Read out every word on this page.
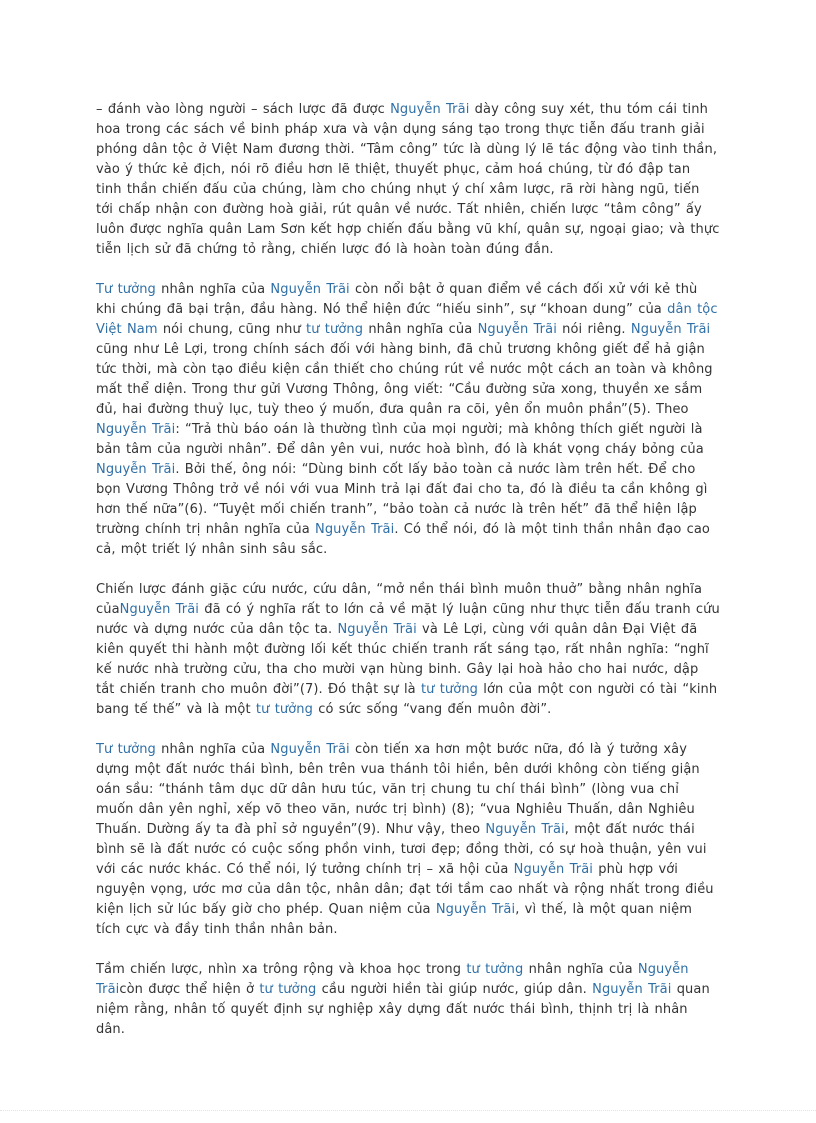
– đánh vào lòng người – sách lược đã được Nguyễn Trãi dày công suy xét, thu tóm cái tinh hoa trong các sách về binh pháp xưa và vận dụng sáng tạo trong thực tiễn đấu tranh giải phóng dân tộc ở Việt Nam đương thời. “Tâm công” tức là dùng lý lẽ tác động vào tinh thần, vào ý thức kẻ địch, nói rõ điều hơn lẽ thiệt, thuyết phục, cảm hoá chúng, từ đó đập tan tinh thần chiến đấu của chúng, làm cho chúng nhụt ý chí xâm lược, rã rời hàng ngũ, tiến tới chấp nhận con đường hoà giải, rút quân về nước. Tất nhiên, chiến lược “tâm công” ấy luôn được nghĩa quân Lam Sơn kết hợp chiến đấu bằng vũ khí, quân sự, ngoại giao; và thực tiễn lịch sử đã chứng tỏ rằng, chiến lược đó là hoàn toàn đúng đắn.

Tư tưởng nhân nghĩa của Nguyễn Trãi còn nổi bật ở quan điểm về cách đối xử với kẻ thù khi chúng đã bại trận, đầu hàng. Nó thể hiện đức “hiếu sinh”, sự “khoan dung” của dân tộc Việt Nam nói chung, cũng như tư tưởng nhân nghĩa của Nguyễn Trãi nói riêng. Nguyễn Trãi cũng như Lê Lợi, trong chính sách đối với hàng binh, đã chủ trương không giết để hả giận tức thời, mà còn tạo điều kiện cần thiết cho chúng rút về nước một cách an toàn và không mất thể diện. Trong thư gửi Vương Thông, ông viết: “Cầu đường sửa xong, thuyền xe sắm đủ, hai đường thuỷ lục, tuỳ theo ý muốn, đưa quân ra cõi, yên ổn muôn phần”(5). Theo Nguyễn Trãi: “Trả thù báo oán là thường tình của mọi người; mà không thích giết người là bản tâm của người nhân”. Để dân yên vui, nước hoà bình, đó là khát vọng cháy bỏng của Nguyễn Trãi. Bởi thế, ông nói: “Dùng binh cốt lấy bảo toàn cả nước làm trên hết. Để cho bọn Vương Thông trở về nói với vua Minh trả lại đất đai cho ta, đó là điều ta cần không gì hơn thế nữa”(6). “Tuyệt mối chiến tranh”, “bảo toàn cả nước là trên hết” đã thể hiện lập trường chính trị nhân nghĩa của Nguyễn Trãi. Có thể nói, đó là một tinh thần nhân đạo cao cả, một triết lý nhân sinh sâu sắc.

Chiến lược đánh giặc cứu nước, cứu dân, “mở nền thái bình muôn thuở” bằng nhân nghĩa củaNguyễn Trãi đã có ý nghĩa rất to lớn cả về mặt lý luận cũng như thực tiễn đấu tranh cứu nước và dựng nước của dân tộc ta. Nguyễn Trãi và Lê Lợi, cùng với quân dân Đại Việt đã kiên quyết thi hành một đường lối kết thúc chiến tranh rất sáng tạo, rất nhân nghĩa: “nghĩ kế nước nhà trường cửu, tha cho mười vạn hùng binh. Gây lại hoà hảo cho hai nước, dập tắt chiến tranh cho muôn đời”(7). Đó thật sự là tư tưởng lớn của một con người có tài “kinh bang tế thế” và là một tư tưởng có sức sống “vang đến muôn đời”.

Tư tưởng nhân nghĩa của Nguyễn Trãi còn tiến xa hơn một bước nữa, đó là ý tưởng xây dựng một đất nước thái bình, bên trên vua thánh tôi hiền, bên dưới không còn tiếng giận oán sầu: “thánh tâm dục dữ dân hưu túc, văn trị chung tu chí thái bình” (lòng vua chỉ muốn dân yên nghỉ, xếp võ theo văn, nước trị bình) (8); “vua Nghiêu Thuấn, dân Nghiêu Thuấn. Dường ấy ta đà phỉ sở nguyền”(9). Như vậy, theo Nguyễn Trãi, một đất nước thái bình sẽ là đất nước có cuộc sống phồn vinh, tươi đẹp; đồng thời, có sự hoà thuận, yên vui với các nước khác. Có thể nói, lý tưởng chính trị – xã hội của Nguyễn Trãi phù hợp với nguyện vọng, ước mơ của dân tộc, nhân dân; đạt tới tầm cao nhất và rộng nhất trong điều kiện lịch sử lúc bấy giờ cho phép. Quan niệm của Nguyễn Trãi, vì thế, là một quan niệm tích cực và đầy tinh thần nhân bản.

Tầm chiến lược, nhìn xa trông rộng và khoa học trong tư tưởng nhân nghĩa của Nguyễn Trãicòn được thể hiện ở tư tưởng cầu người hiền tài giúp nước, giúp dân. Nguyễn Trãi quan niệm rằng, nhân tố quyết định sự nghiệp xây dựng đất nước thái bình, thịnh trị là nhân dân.
